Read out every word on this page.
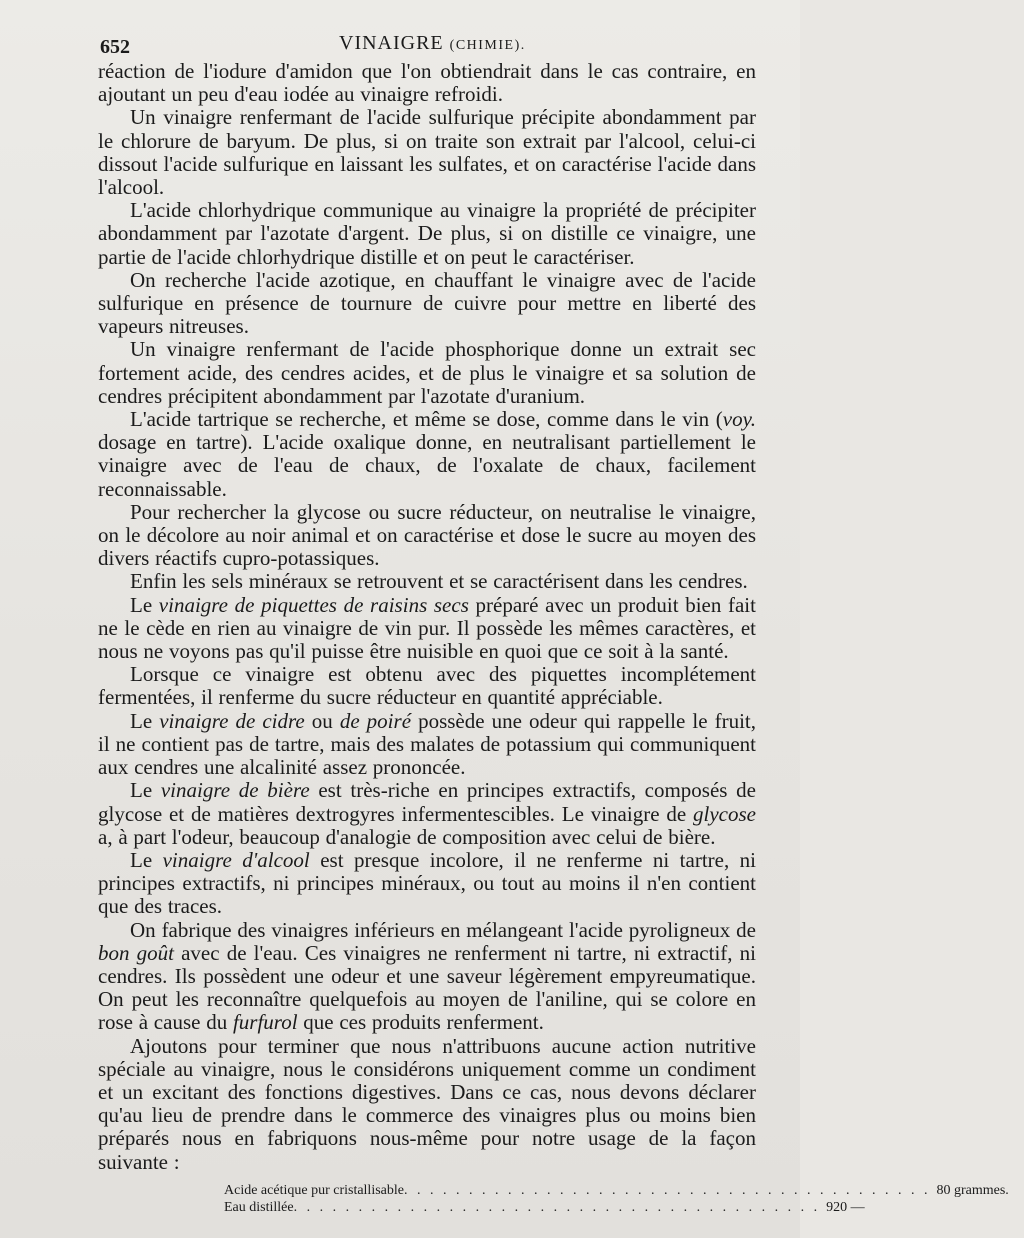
652	VINAIGRE (CHIMIE).

réaction de l'iodure d'amidon que l'on obtiendrait dans le cas contraire, en ajoutant un peu d'eau iodée au vinaigre refroidi.

Un vinaigre renfermant de l'acide sulfurique précipite abondamment par le chlorure de baryum. De plus, si on traite son extrait par l'alcool, celui-ci dissout l'acide sulfurique en laissant les sulfates, et on caractérise l'acide dans l'alcool.

L'acide chlorhydrique communique au vinaigre la propriété de précipiter abondamment par l'azotate d'argent. De plus, si on distille ce vinaigre, une partie de l'acide chlorhydrique distille et on peut le caractériser.

On recherche l'acide azotique, en chauffant le vinaigre avec de l'acide sulfurique en présence de tournure de cuivre pour mettre en liberté des vapeurs nitreuses.

Un vinaigre renfermant de l'acide phosphorique donne un extrait sec fortement acide, des cendres acides, et de plus le vinaigre et sa solution de cendres précipitent abondamment par l'azotate d'uranium.

L'acide tartrique se recherche, et même se dose, comme dans le vin (voy. dosage en tartre). L'acide oxalique donne, en neutralisant partiellement le vinaigre avec de l'eau de chaux, de l'oxalate de chaux, facilement reconnaissable.

Pour rechercher la glycose ou sucre réducteur, on neutralise le vinaigre, on le décolore au noir animal et on caractérise et dose le sucre au moyen des divers réactifs cupro-potassiques.

Enfin les sels minéraux se retrouvent et se caractérisent dans les cendres.

Le vinaigre de piquettes de raisins secs préparé avec un produit bien fait ne le cède en rien au vinaigre de vin pur. Il possède les mêmes caractères, et nous ne voyons pas qu'il puisse être nuisible en quoi que ce soit à la santé.

Lorsque ce vinaigre est obtenu avec des piquettes incomplétement fermentées, il renferme du sucre réducteur en quantité appréciable.

Le vinaigre de cidre ou de poiré possède une odeur qui rappelle le fruit, il ne contient pas de tartre, mais des malates de potassium qui communiquent aux cendres une alcalinité assez prononcée.

Le vinaigre de bière est très-riche en principes extractifs, composés de glycose et de matières dextrogyres infermentescibles. Le vinaigre de glycose a, à part l'odeur, beaucoup d'analogie de composition avec celui de bière.

Le vinaigre d'alcool est presque incolore, il ne renferme ni tartre, ni principes extractifs, ni principes minéraux, ou tout au moins il n'en contient que des traces.

On fabrique des vinaigres inférieurs en mélangeant l'acide pyroligneux de bon goût avec de l'eau. Ces vinaigres ne renferment ni tartre, ni extractif, ni cendres. Ils possèdent une odeur et une saveur légèrement empyreumatique. On peut les reconnaître quelquefois au moyen de l'aniline, qui se colore en rose à cause du furfurol que ces produits renferment.

Ajoutons pour terminer que nous n'attribuons aucune action nutritive spéciale au vinaigre, nous le considérons uniquement comme un condiment et un excitant des fonctions digestives. Dans ce cas, nous devons déclarer qu'au lieu de prendre dans le commerce des vinaigres plus ou moins bien préparés nous en fabriquons nous-même pour notre usage de la façon suivante :

Acide acétique pur cristallisable . . . . . . . . . . . . . . . . . . . . . . . . . . . . . . . . . . . . . . . . . 80 grammes.
Eau distillée . . . . . . . . . . . . . . . . . . . . . . . . . . . . . . . . . . . . . . . . . 920 —
